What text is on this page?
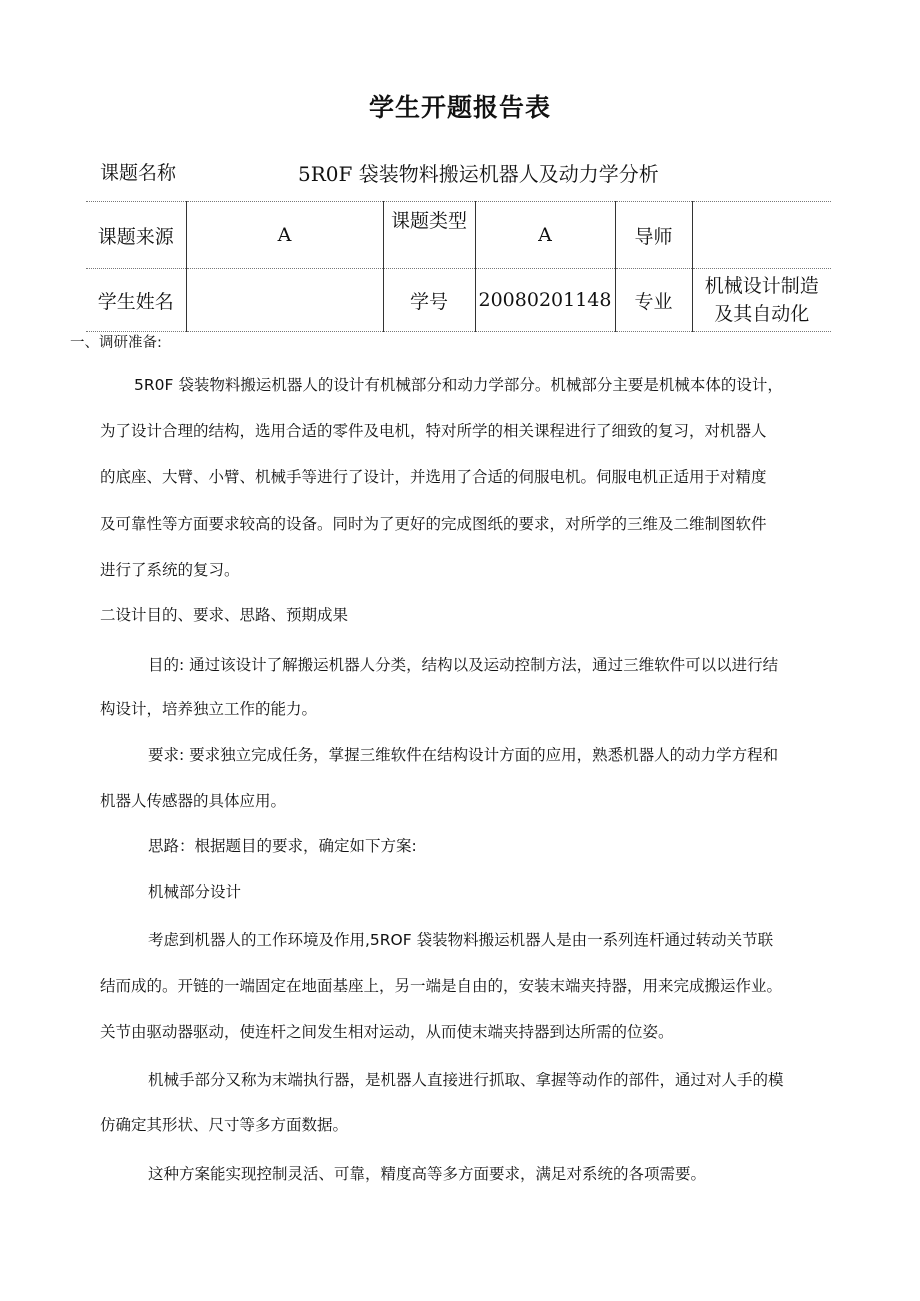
学生开题报告表
课题名称	5R0F 袋装物料搬运机器人及动力学分析
课题来源	A	课题类型	A	导师	
学生姓名		学号	20080201148	专业	机械设计制造
及其自动化
一、调研准备:
5R0F 袋装物料搬运机器人的设计有机械部分和动力学部分。机械部分主要是机械本体的设计，
为了设计合理的结构，选用合适的零件及电机，特对所学的相关课程进行了细致的复习，对机器人
的底座、大臂、小臂、机械手等进行了设计，并选用了合适的伺服电机。伺服电机正适用于对精度
及可靠性等方面要求较高的设备。同时为了更好的完成图纸的要求，对所学的三维及二维制图软件
进行了系统的复习。
二设计目的、要求、思路、预期成果
目的: 通过该设计了解搬运机器人分类，结构以及运动控制方法，通过三维软件可以以进行结
构设计，培养独立工作的能力。
要求: 要求独立完成任务，掌握三维软件在结构设计方面的应用，熟悉机器人的动力学方程和
机器人传感器的具体应用。
思路：根据题目的要求，确定如下方案:
机械部分设计
考虑到机器人的工作环境及作用,5ROF 袋装物料搬运机器人是由一系列连杆通过转动关节联
结而成的。开链的一端固定在地面基座上，另一端是自由的，安装末端夹持器，用来完成搬运作业。
关节由驱动器驱动，使连杆之间发生相对运动，从而使末端夹持器到达所需的位姿。
机械手部分又称为末端执行器，是机器人直接进行抓取、拿握等动作的部件，通过对人手的模
仿确定其形状、尺寸等多方面数据。
这种方案能实现控制灵活、可靠，精度高等多方面要求，满足对系统的各项需要。
